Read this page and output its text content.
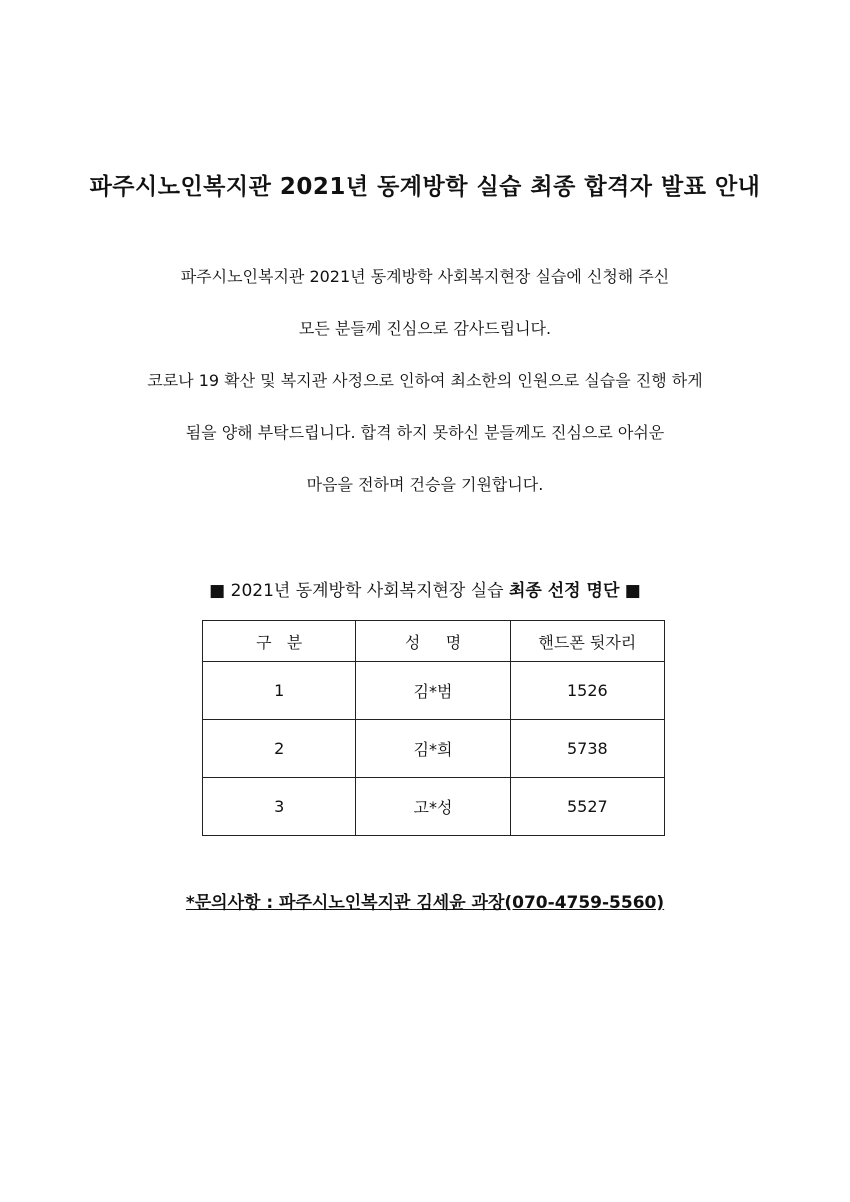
파주시노인복지관 2021년 동계방학 실습 최종 합격자 발표 안내
파주시노인복지관 2021년 동계방학 사회복지현장 실습에 신청해 주신
모든 분들께 진심으로 감사드립니다.
코로나 19 확산 및 복지관 사정으로 인하여 최소한의 인원으로 실습을 진행 하게
됨을 양해 부탁드립니다. 합격 하지 못하신 분들께도 진심으로 아쉬운
마음을 전하며 건승을 기원합니다.
■ 2021년 동계방학 사회복지현장 실습 최종 선정 명단 ■
구   분	성     명	핸드폰 뒷자리
1	김*범	1526
2	김*희	5738
3	고*성	5527
*문의사항 : 파주시노인복지관 김세윤 과장(070-4759-5560)
